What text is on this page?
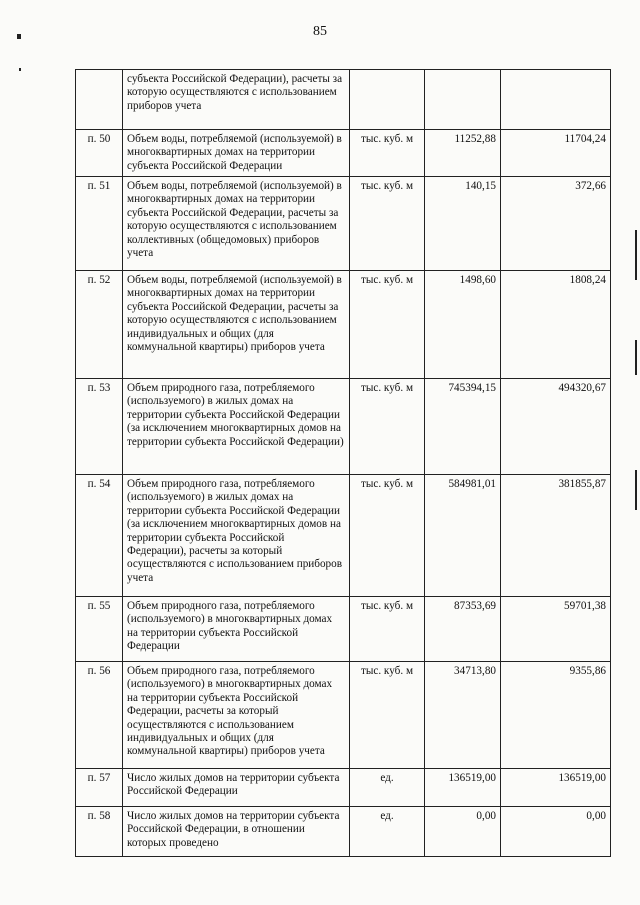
85
	субъекта Российской Федерации), расчеты за которую осуществляются с использованием приборов учета			
п. 50	Объем воды, потребляемой (используемой) в многоквартирных домах на территории субъекта Российской Федерации	тыс. куб. м	11252,88	11704,24
п. 51	Объем воды, потребляемой (используемой) в многоквартирных домах на территории субъекта Российской Федерации, расчеты за которую осуществляются с использованием коллективных (общедомовых) приборов учета	тыс. куб. м	140,15	372,66
п. 52	Объем воды, потребляемой (используемой) в многоквартирных домах на территории субъекта Российской Федерации, расчеты за которую осуществляются с использованием индивидуальных и общих (для коммунальной квартиры) приборов учета	тыс. куб. м	1498,60	1808,24
п. 53	Объем природного газа, потребляемого (используемого) в жилых домах на территории субъекта Российской Федерации (за исключением многоквартирных домов на территории субъекта Российской Федерации)	тыс. куб. м	745394,15	494320,67
п. 54	Объем природного газа, потребляемого (используемого) в жилых домах на территории субъекта Российской Федерации (за исключением многоквартирных домов на территории субъекта Российской Федерации), расчеты за который осуществляются с использованием приборов учета	тыс. куб. м	584981,01	381855,87
п. 55	Объем природного газа, потребляемого (используемого) в многоквартирных домах на территории субъекта Российской Федерации	тыс. куб. м	87353,69	59701,38
п. 56	Объем природного газа, потребляемого (используемого) в многоквартирных домах на территории субъекта Российской Федерации, расчеты за который осуществляются с использованием индивидуальных и общих (для коммунальной квартиры) приборов учета	тыс. куб. м	34713,80	9355,86
п. 57	Число жилых домов на территории субъекта Российской Федерации	ед.	136519,00	136519,00
п. 58	Число жилых домов на территории субъекта Российской Федерации, в отношении которых проведено	ед.	0,00	0,00
